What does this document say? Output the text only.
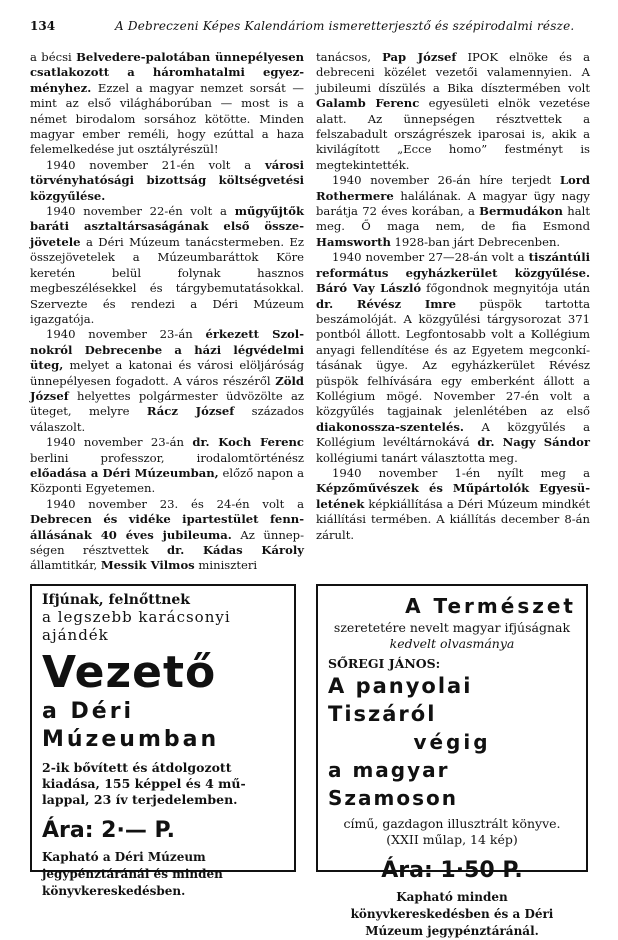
134	A Debreczeni Képes Kalendáriom ismeretterjesztő és szépirodalmi része.

a bécsi Belvedere-palotában ünnepélyesen csatlakozott a háromhatalmi egyezményhez. Ezzel a magyar nemzet sorsát — mint az első világháborúban — most is a német birodalom sorsához kötötte. Minden magyar ember reméli, hogy ezúttal a haza felemelkedése jut osztályrészül!

1940 november 21-én volt a városi törvényhatósági bizottság költségvetési közgyűlése.

1940 november 22-én volt a műgyűjtők baráti asztaltársaságának első összejövetele a Déri Múzeum tanácstermeben. Ez összejövetelek a Múzeumbaráttok Köre keretén belül folynak hasznos megbeszélésekkel és tárgybemutatásokkal. Szervezte és rendezi a Déri Múzeum igazgatója.

1940 november 23-án érkezett Szolnokról Debrecenbe a házi légvédelmi üteg, melyet a katonai és városi elöljáróság ünnepélyesen fogadott. A város részéről Zöld József helyettes polgármester üdvözölte az üteget, melyre Rácz József százados válaszolt.

1940 november 23-án dr. Koch Ferenc berlini professzor, irodalomtörténész előadása a Déri Múzeumban, előző napon a Központi Egyetemen.

1940 november 23. és 24-én volt a Debrecen és vidéke ipartestület fennállásának 40 éves jubileuma. Az ünnepségen résztvettek dr. Kádas Károly államtitkár, Messik Vilmos miniszteri

tanácsos, Pap József IPOK elnöke és a debreceni közélet vezetői valamennyien. A jubileumi díszülés a Bika dísztermében volt Galamb Ferenc egyesületi elnök vezetése alatt. Az ünnepségen résztvettek a felszabadult országrészek iparosai is, akik a kivilágított „Ecce homo” festményt is megtekintették.

1940 november 26-án híre terjedt Lord Rothermere halálának. A magyar ügy nagy barátja 72 éves korában, a Bermudákon halt meg. Ő maga nem, de fia Esmond Hamsworth 1928-ban járt Debrecenben.

1940 november 27—28-án volt a tiszántúli református egyházkerület közgyűlése. Báró Vay László főgondnok megnyitója után dr. Révész Imre püspök tartotta beszámolóját. A közgyűlési tárgysorozat 371 pontból állott. Legfontosabb volt a Kollégium anyagi fellendítése és az Egyetem megconkításának ügye. Az egyházkerület Révész püspök felhívására egy emberként állott a Kollégium mögé. November 27-én volt a közgyűlés tagjainak jelenlétében az első diakonossza-szentelés. A közgyűlés a Kollégium levéltárnokává dr. Nagy Sándor kollégiumi tanárt választotta meg.

1940 november 1-én nyílt meg a Képzőművészek és Műpártolók Egyesületének képkiállítása a Déri Múzeum mindkét kiállítási termében. A kiállítás december 8-án zárult.

Ifjúnak, felnőttnek
a legszebb karácsonyi ajándék
Vezető
a Déri Múzeumban
2-ik bővített és átdolgozott kiadása, 155 képpel és 4 műlappal, 23 ív terjedelemben.
Ára: 2·— P.
Kapható a Déri Múzeum jegypénztáránál és minden könyvkereskedésben.
A Természet
szeretetére nevelt magyar ifjúságnak
kedvelt olvasmánya
SŐREGI JÁNOS:
A panyolai Tiszáról
végig
a magyar Szamoson
című, gazdagon illusztrált könyve. (XXII műlap, 14 kép)
Ára: 1·50 P.
Kapható minden könyvkereskedésben és a Déri Múzeum jegypénztáránál.
